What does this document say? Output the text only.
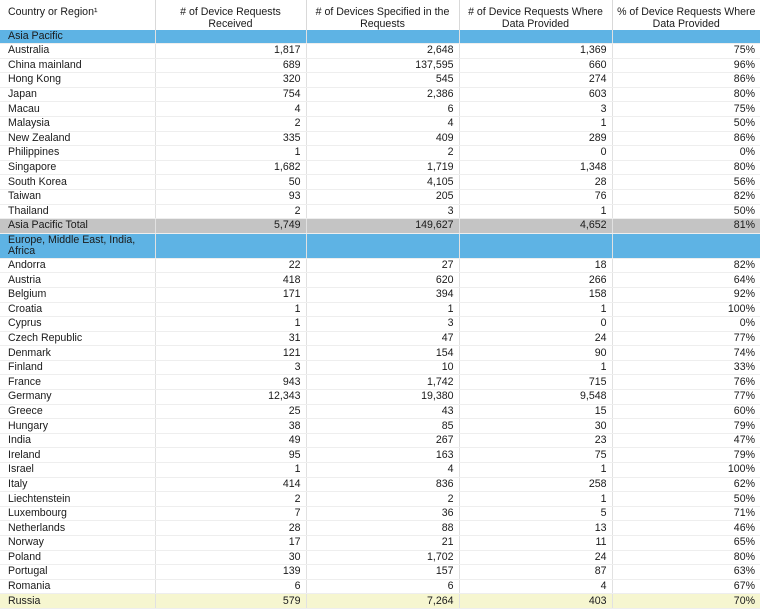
Country or Region¹	# of Device Requests Received	# of Devices Specified in the Requests	# of Device Requests Where Data Provided	% of Device Requests Where Data Provided
Asia Pacific				
Australia	1,817	2,648	1,369	75%
China mainland	689	137,595	660	96%
Hong Kong	320	545	274	86%
Japan	754	2,386	603	80%
Macau	4	6	3	75%
Malaysia	2	4	1	50%
New Zealand	335	409	289	86%
Philippines	1	2	0	0%
Singapore	1,682	1,719	1,348	80%
South Korea	50	4,105	28	56%
Taiwan	93	205	76	82%
Thailand	2	3	1	50%
Asia Pacific Total	5,749	149,627	4,652	81%
Europe, Middle East, India, Africa				
Andorra	22	27	18	82%
Austria	418	620	266	64%
Belgium	171	394	158	92%
Croatia	1	1	1	100%
Cyprus	1	3	0	0%
Czech Republic	31	47	24	77%
Denmark	121	154	90	74%
Finland	3	10	1	33%
France	943	1,742	715	76%
Germany	12,343	19,380	9,548	77%
Greece	25	43	15	60%
Hungary	38	85	30	79%
India	49	267	23	47%
Ireland	95	163	75	79%
Israel	1	4	1	100%
Italy	414	836	258	62%
Liechtenstein	2	2	1	50%
Luxembourg	7	36	5	71%
Netherlands	28	88	13	46%
Norway	17	21	11	65%
Poland	30	1,702	24	80%
Portugal	139	157	87	63%
Romania	6	6	4	67%
Russia	579	7,264	403	70%
